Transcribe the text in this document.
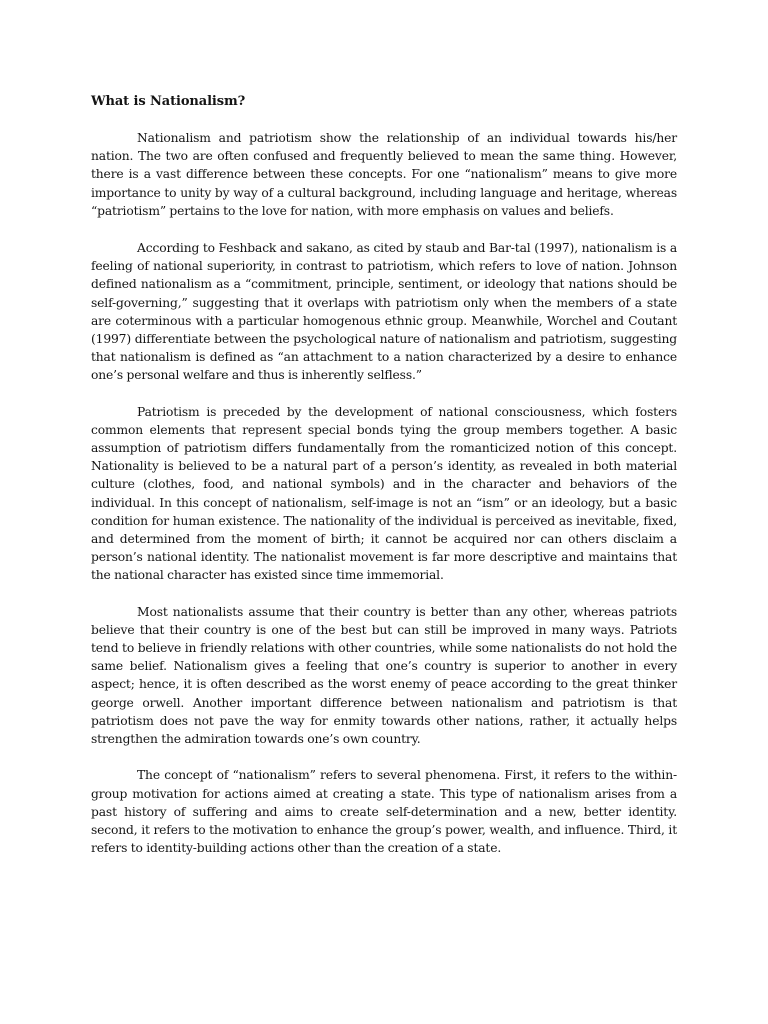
What is Nationalism?

Nationalism and patriotism show the relationship of an individual towards his/her nation. The two are often confused and frequently believed to mean the same thing. However, there is a vast difference between these concepts. For one “nationalism” means to give more importance to unity by way of a cultural background, including language and heritage, whereas “patriotism” pertains to the love for nation, with more emphasis on values and beliefs.

According to Feshback and sakano, as cited by staub and Bar-tal (1997), nationalism is a feeling of national superiority, in contrast to patriotism, which refers to love of nation. Johnson defined nationalism as a “commitment, principle, sentiment, or ideology that nations should be self-governing,” suggesting that it overlaps with patriotism only when the members of a state are coterminous with a particular homogenous ethnic group. Meanwhile, Worchel and Coutant (1997) differentiate between the psychological nature of nationalism and patriotism, suggesting that nationalism is defined as “an attachment to a nation characterized by a desire to enhance one’s personal welfare and thus is inherently selfless.”

Patriotism is preceded by the development of national consciousness, which fosters common elements that represent special bonds tying the group members together. A basic assumption of patriotism differs fundamentally from the romanticized notion of this concept. Nationality is believed to be a natural part of a person’s identity, as revealed in both material culture (clothes, food, and national symbols) and in the character and behaviors of the individual. In this concept of nationalism, self-image is not an “ism” or an ideology, but a basic condition for human existence. The nationality of the individual is perceived as inevitable, fixed, and determined from the moment of birth; it cannot be acquired nor can others disclaim a person’s national identity. The nationalist movement is far more descriptive and maintains that the national character has existed since time immemorial.

Most nationalists assume that their country is better than any other, whereas patriots believe that their country is one of the best but can still be improved in many ways. Patriots tend to believe in friendly relations with other countries, while some nationalists do not hold the same belief. Nationalism gives a feeling that one’s country is superior to another in every aspect; hence, it is often described as the worst enemy of peace according to the great thinker george orwell. Another important difference between nationalism and patriotism is that patriotism does not pave the way for enmity towards other nations, rather, it actually helps strengthen the admiration towards one’s own country.

The concept of “nationalism” refers to several phenomena. First, it refers to the within-group motivation for actions aimed at creating a state. This type of nationalism arises from a past history of suffering and aims to create self-determination and a new, better identity. second, it refers to the motivation to enhance the group’s power, wealth, and influence. Third, it refers to identity-building actions other than the creation of a state.
